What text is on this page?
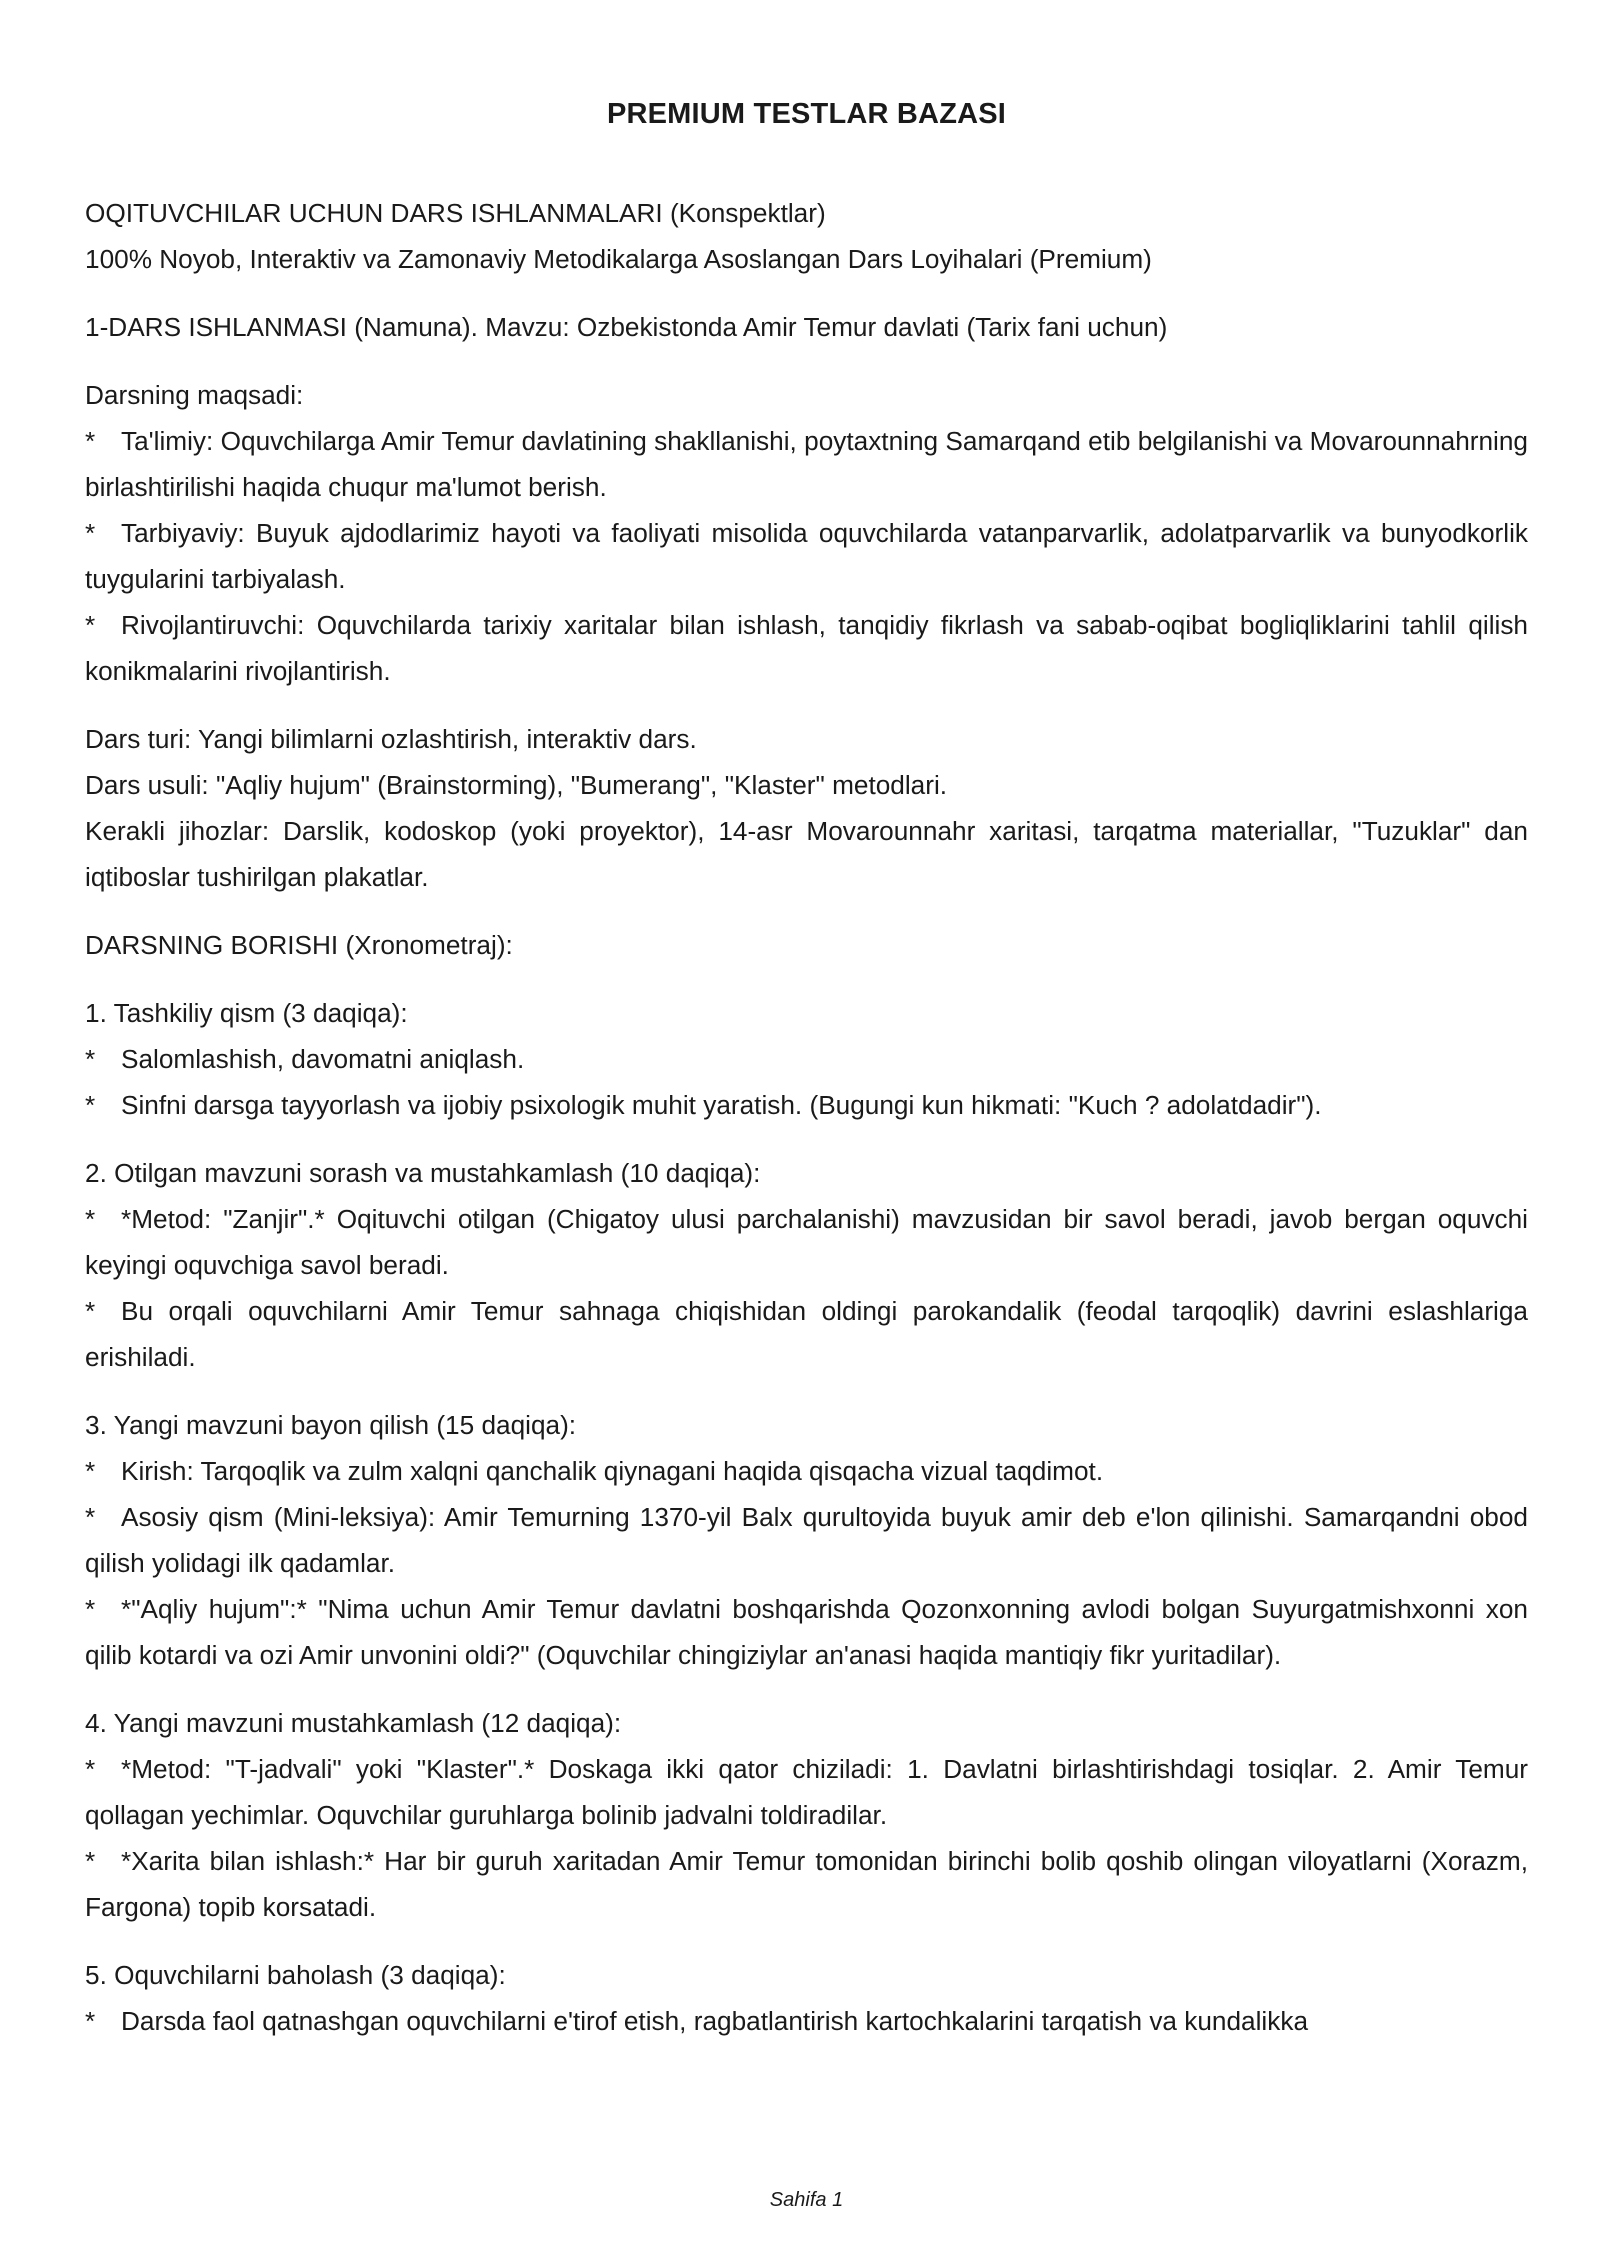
PREMIUM TESTLAR BAZASI
OQITUVCHILAR UCHUN DARS ISHLANMALARI (Konspektlar)
100% Noyob, Interaktiv va Zamonaviy Metodikalarga Asoslangan Dars Loyihalari (Premium)
1-DARS ISHLANMASI (Namuna). Mavzu: Ozbekistonda Amir Temur davlati (Tarix fani uchun)
Darsning maqsadi:
* Ta'limiy: Oquvchilarga Amir Temur davlatining shakllanishi, poytaxtning Samarqand etib belgilanishi va Movarounnahrning birlashtirilishi haqida chuqur ma'lumot berish.
* Tarbiyaviy: Buyuk ajdodlarimiz hayoti va faoliyati misolida oquvchilarda vatanparvarlik, adolatparvarlik va bunyodkorlik tuygularini tarbiyalash.
* Rivojlantiruvchi: Oquvchilarda tarixiy xaritalar bilan ishlash, tanqidiy fikrlash va sabab-oqibat bogliqliklarini tahlil qilish konikmalarini rivojlantirish.
Dars turi: Yangi bilimlarni ozlashtirish, interaktiv dars.
Dars usuli: "Aqliy hujum" (Brainstorming), "Bumerang", "Klaster" metodlari.
Kerakli jihozlar: Darslik, kodoskop (yoki proyektor), 14-asr Movarounnahr xaritasi, tarqatma materiallar, "Tuzuklar" dan iqtiboslar tushirilgan plakatlar.
DARSNING BORISHI (Xronometraj):
1. Tashkiliy qism (3 daqiqa):
* Salomlashish, davomatni aniqlash.
* Sinfni darsga tayyorlash va ijobiy psixologik muhit yaratish. (Bugungi kun hikmati: "Kuch ? adolatdadir").
2. Otilgan mavzuni sorash va mustahkamlash (10 daqiqa):
* *Metod: "Zanjir".* Oqituvchi otilgan (Chigatoy ulusi parchalanishi) mavzusidan bir savol beradi, javob bergan oquvchi keyingi oquvchiga savol beradi.
* Bu orqali oquvchilarni Amir Temur sahnaga chiqishidan oldingi parokandalik (feodal tarqoqlik) davrini eslashlariga erishiladi.
3. Yangi mavzuni bayon qilish (15 daqiqa):
* Kirish: Tarqoqlik va zulm xalqni qanchalik qiynagani haqida qisqacha vizual taqdimot.
* Asosiy qism (Mini-leksiya): Amir Temurning 1370-yil Balx qurultoyida buyuk amir deb e'lon qilinishi. Samarqandni obod qilish yolidagi ilk qadamlar.
* *"Aqliy hujum":* "Nima uchun Amir Temur davlatni boshqarishda Qozonxonning avlodi bolgan Suyurgatmishxonni xon qilib kotardi va ozi Amir unvonini oldi?" (Oquvchilar chingiziylar an'anasi haqida mantiqiy fikr yuritadilar).
4. Yangi mavzuni mustahkamlash (12 daqiqa):
* *Metod: "T-jadvali" yoki "Klaster".* Doskaga ikki qator chiziladi: 1. Davlatni birlashtirishdagi tosiqlar. 2. Amir Temur qollagan yechimlar. Oquvchilar guruhlarga bolinib jadvalni toldiradilar.
* *Xarita bilan ishlash:* Har bir guruh xaritadan Amir Temur tomonidan birinchi bolib qoshib olingan viloyatlarni (Xorazm, Fargona) topib korsatadi.
5. Oquvchilarni baholash (3 daqiqa):
* Darsda faol qatnashgan oquvchilarni e'tirof etish, ragbatlantirish kartochkalarini tarqatish va kundalikka
Sahifa 1
